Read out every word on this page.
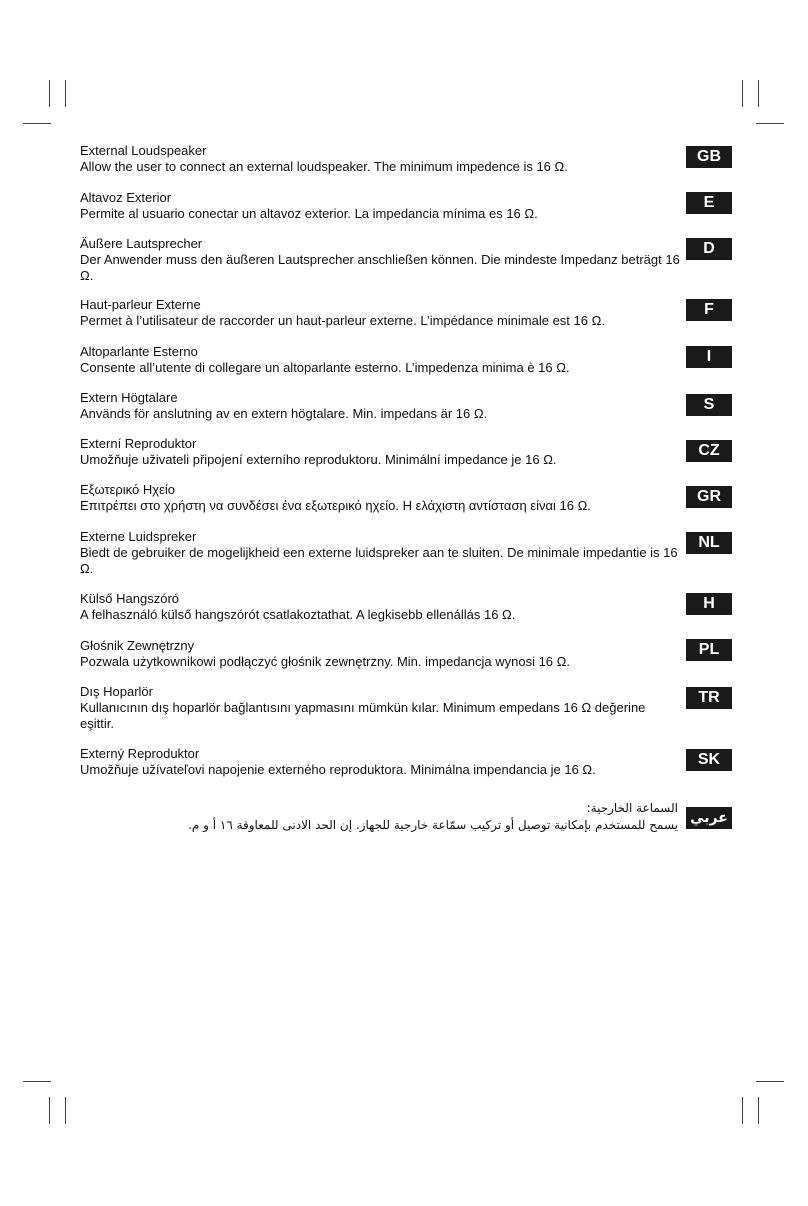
External Loudspeaker

Allow the user to connect an external loudspeaker. The minimum impedence is 16 Ω.

GB

Altavoz Exterior

Permite al usuario conectar un altavoz exterior. La impedancia mínima es 16 Ω.

E

Äußere Lautsprecher

Der Anwender muss den äußeren Lautsprecher anschließen können. Die mindeste Impedanz beträgt 16 Ω.

D

Haut-parleur Externe

Permet à l’utilisateur de raccorder un haut-parleur externe. L’impédance minimale est 16 Ω.

F

Altoparlante Esterno

Consente all’utente di collegare un altoparlante esterno. L’impedenza minima è 16 Ω.

I

Extern Högtalare

Används för anslutning av en extern högtalare. Min. impedans är 16 Ω.

S

Externí Reproduktor

Umožňuje uživateli připojení externího reproduktoru. Minimální impedance je 16 Ω.

CZ

Εξωτερικό Ηχείο

Επιτρέπει στο χρήστη να συνδέσει ένα εξωτερικό ηχείο. Η ελάχιστη αντίσταση είναι 16 Ω.

GR

Externe Luidspreker

Biedt de gebruiker de mogelijkheid een externe luidspreker aan te sluiten. De minimale impedantie is 16 Ω.

NL

Külső Hangszóró

A felhasználó külső hangszórót csatlakoztathat. A legkisebb ellenállás 16 Ω.

H

Głośnik Zewnętrzny

Pozwala użytkownikowi podłączyć głośnik zewnętrzny. Min. impedancja wynosi 16 Ω.

PL

Dış Hoparlör

Kullanıcının dış hoparlör bağlantısını yapmasını mümkün kılar. Minimum empedans 16 Ω değerine eşittir.

TR

Externý Reproduktor

Umožňuje užívateľovi napojenie externého reproduktora. Minimálna impendancia je 16 Ω.

SK

السماعة الخارجية:

يسمح للمستخدم بإمكانية توصيل أو تركيب سمّاعة خارجية للجهاز. إن الحد الادنى للمعاوقة ١٦ أ و م. عربي
